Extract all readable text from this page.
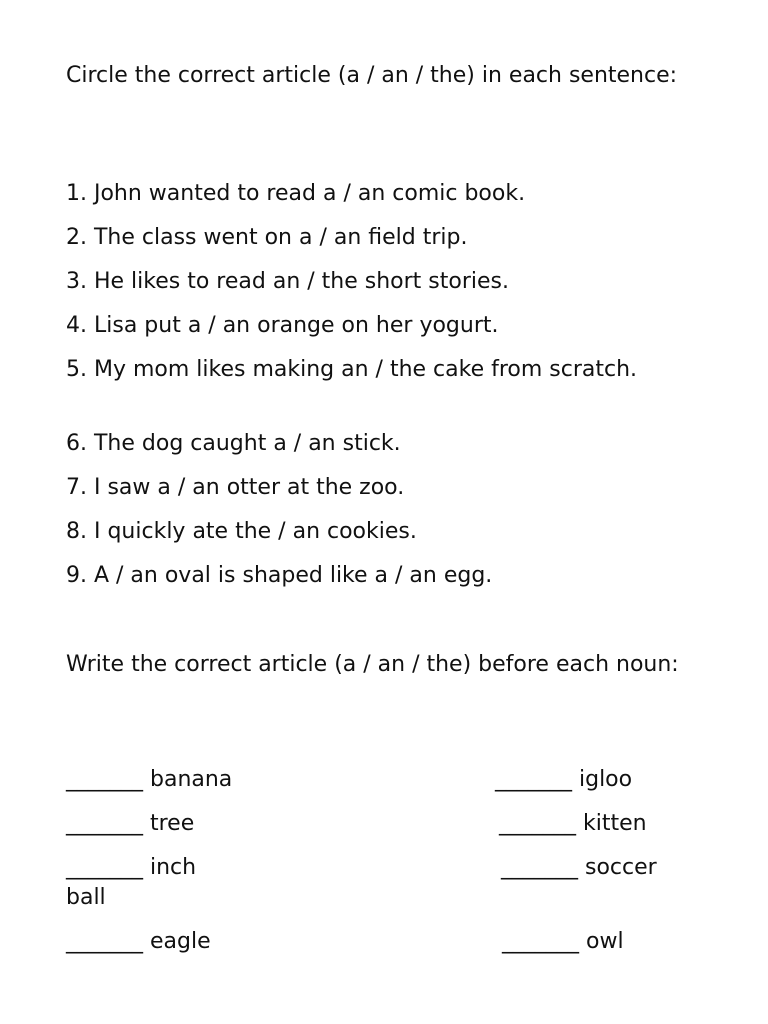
Circle the correct article (a / an / the) in each sentence:
1. John wanted to read a / an comic book.
2. The class went on a / an field trip.
3. He likes to read an / the short stories.
4. Lisa put a / an orange on her yogurt.
5. My mom likes making an / the cake from scratch.
6. The dog caught a / an stick.
7. I saw a / an otter at the zoo.
8. I quickly ate the / an cookies.
9. A / an oval is shaped like a / an egg.
Write the correct article (a / an / the) before each noun:
_______ banana	_______ igloo
_______ tree	_______ kitten
_______ inch	_______ soccer
ball
_______ eagle	_______ owl
